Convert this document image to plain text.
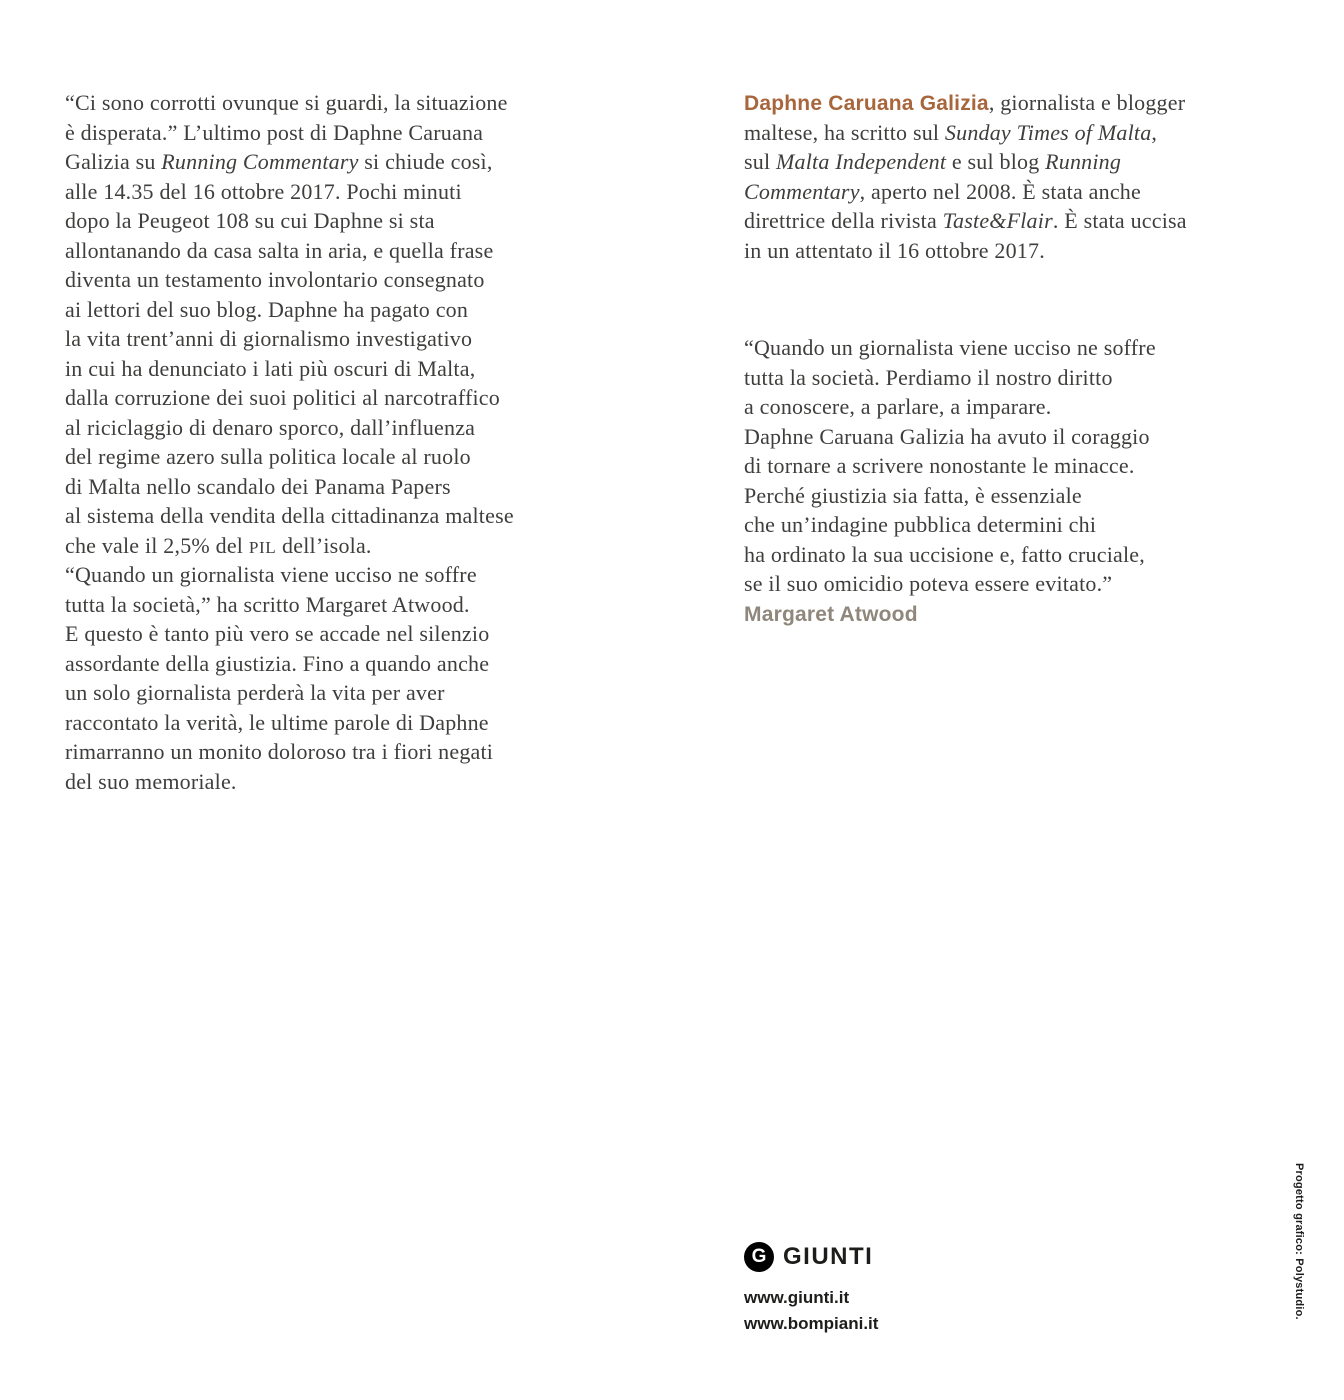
“Ci sono corrotti ovunque si guardi, la situazione
è disperata.” L’ultimo post di Daphne Caruana
Galizia su Running Commentary si chiude così,
alle 14.35 del 16 ottobre 2017. Pochi minuti
dopo la Peugeot 108 su cui Daphne si sta
allontanando da casa salta in aria, e quella frase
diventa un testamento involontario consegnato
ai lettori del suo blog. Daphne ha pagato con
la vita trent’anni di giornalismo investigativo
in cui ha denunciato i lati più oscuri di Malta,
dalla corruzione dei suoi politici al narcotraffico
al riciclaggio di denaro sporco, dall’influenza
del regime azero sulla politica locale al ruolo
di Malta nello scandalo dei Panama Papers
al sistema della vendita della cittadinanza maltese
che vale il 2,5% del PIL dell’isola.
“Quando un giornalista viene ucciso ne soffre
tutta la società,” ha scritto Margaret Atwood.
E questo è tanto più vero se accade nel silenzio
assordante della giustizia. Fino a quando anche
un solo giornalista perderà la vita per aver
raccontato la verità, le ultime parole di Daphne
rimarranno un monito doloroso tra i fiori negati
del suo memoriale.
Daphne Caruana Galizia, giornalista e blogger
maltese, ha scritto sul Sunday Times of Malta,
sul Malta Independent e sul blog Running
Commentary, aperto nel 2008. È stata anche
direttrice della rivista Taste&Flair. È stata uccisa
in un attentato il 16 ottobre 2017.
“Quando un giornalista viene ucciso ne soffre
tutta la società. Perdiamo il nostro diritto
a conoscere, a parlare, a imparare.
Daphne Caruana Galizia ha avuto il coraggio
di tornare a scrivere nonostante le minacce.
Perché giustizia sia fatta, è essenziale
che un’indagine pubblica determini chi
ha ordinato la sua uccisione e, fatto cruciale,
se il suo omicidio poteva essere evitato.”
Margaret Atwood
G GIUNTI
www.giunti.it
www.bompiani.it
Progetto grafico: Polystudio.
